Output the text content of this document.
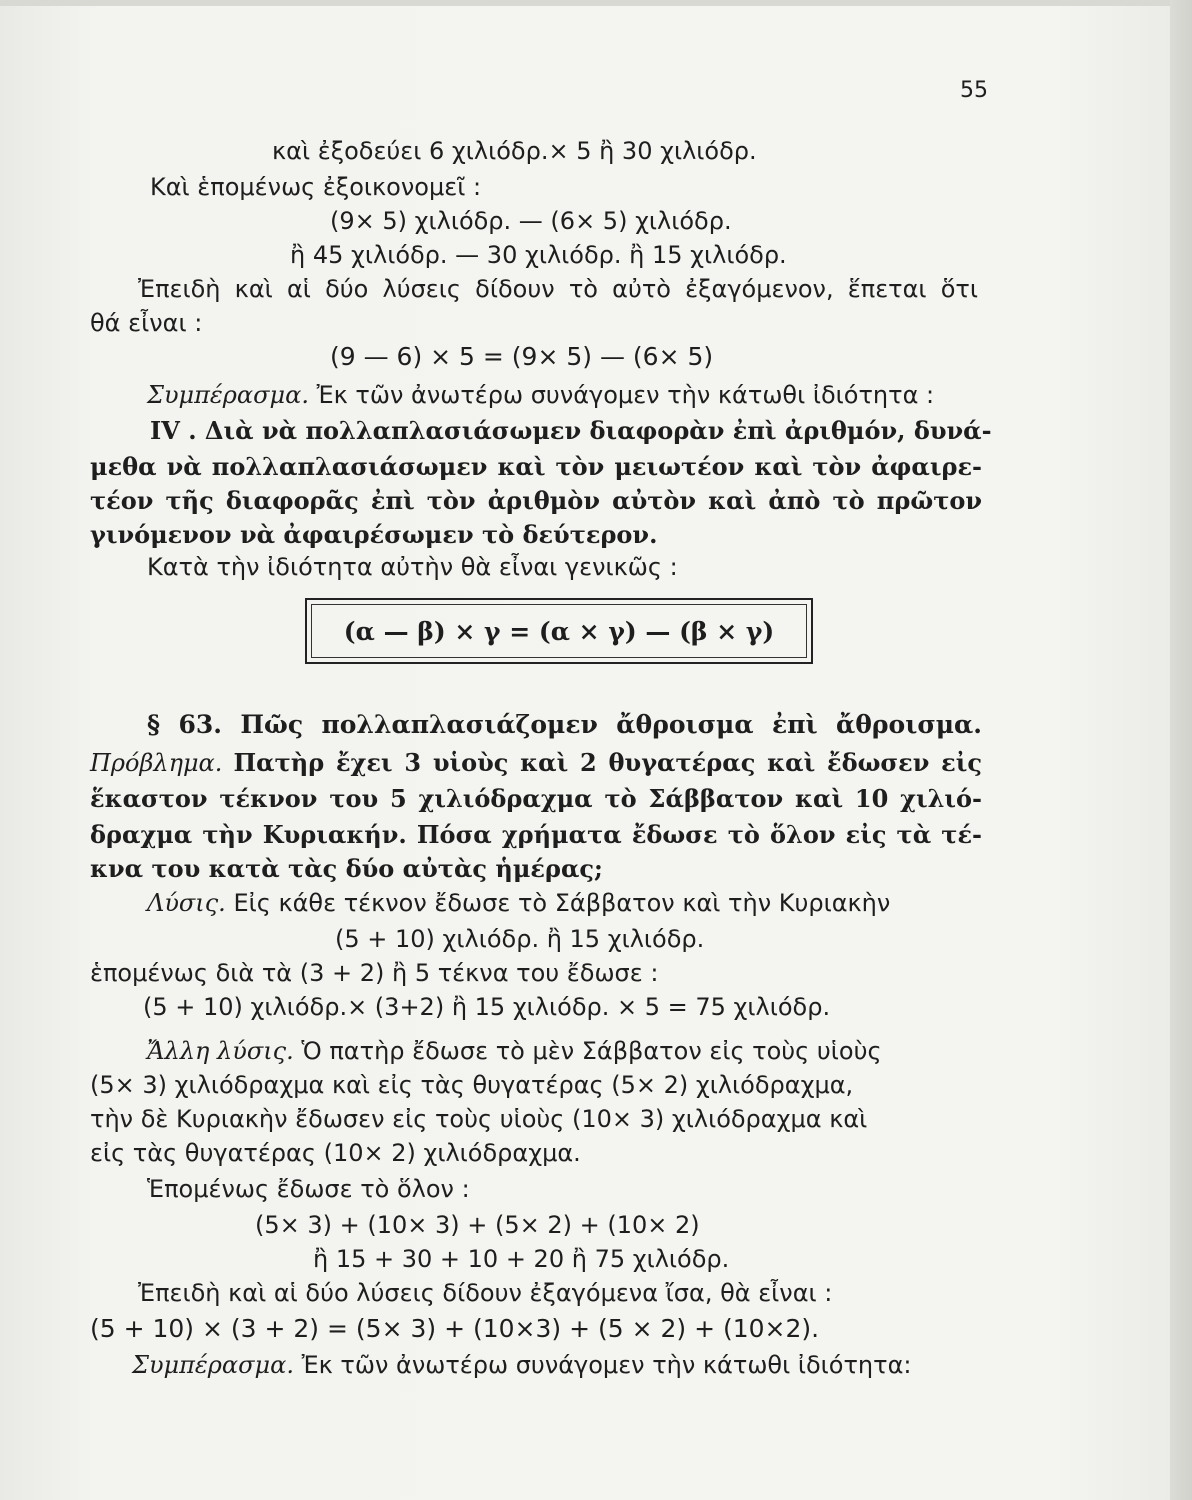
55
καὶ ἐξοδεύει 6 χιλιόδρ.× 5 ἢ 30 χιλιόδρ.
Καὶ ἑπομένως ἐξοικονομεῖ :
(9× 5) χιλιόδρ. — (6× 5) χιλιόδρ.
ἢ 45 χιλιόδρ. — 30 χιλιόδρ. ἢ 15 χιλιόδρ.
Ἐπειδὴ καὶ αἱ δύο λύσεις δίδουν τὸ αὐτὸ ἐξαγόμενον, ἕπεται ὅτι
θά εἶναι :
(9 — 6) × 5 = (9× 5) — (6× 5)
Συμπέρασμα. Ἐκ τῶν ἀνωτέρω συνάγομεν τὴν κάτωθι ἰδιότητα :
IV . Διὰ νὰ πολλαπλασιάσωμεν διαφορὰν ἐπὶ ἀριθμόν, δυνά-
μεθα νὰ πολλαπλασιάσωμεν καὶ τὸν μειωτέον καὶ τὸν ἀφαιρε-
τέον τῆς διαφορᾶς ἐπὶ τὸν ἀριθμὸν αὐτὸν καὶ ἀπὸ τὸ πρῶτον
γινόμενον νὰ ἀφαιρέσωμεν τὸ δεύτερον.
Κατὰ τὴν ἰδιότητα αὐτὴν θὰ εἶναι γενικῶς :
(α — β) × γ = (α × γ) — (β × γ)
§ 63. Πῶς πολλαπλασιάζομεν ἄθροισμα ἐπὶ ἄθροισμα.
Πρόβλημα. Πατὴρ ἔχει 3 υἱοὺς καὶ 2 θυγατέρας καὶ ἔδωσεν εἰς
ἕκαστον τέκνον του 5 χιλιόδραχμα τὸ Σάββατον καὶ 10 χιλιό-
δραχμα τὴν Κυριακήν. Πόσα χρήματα ἔδωσε τὸ ὅλον εἰς τὰ τέ-
κνα του κατὰ τὰς δύο αὐτὰς ἡμέρας;
Λύσις. Εἰς κάθε τέκνον ἔδωσε τὸ Σάββατον καὶ τὴν Κυριακὴν
(5 + 10) χιλιόδρ. ἢ 15 χιλιόδρ.
ἑπομένως διὰ τὰ (3 + 2) ἢ 5 τέκνα του ἔδωσε :
(5 + 10) χιλιόδρ.× (3+2) ἢ 15 χιλιόδρ. × 5 = 75 χιλιόδρ.
Ἄλλη λύσις. Ὁ πατὴρ ἔδωσε τὸ μὲν Σάββατον εἰς τοὺς υἱοὺς
(5× 3) χιλιόδραχμα καὶ εἰς τὰς θυγατέρας (5× 2) χιλιόδραχμα,
τὴν δὲ Κυριακὴν ἔδωσεν εἰς τοὺς υἱοὺς (10× 3) χιλιόδραχμα καὶ
εἰς τὰς θυγατέρας (10× 2) χιλιόδραχμα.
Ἑπομένως ἔδωσε τὸ ὅλον :
(5× 3) + (10× 3) + (5× 2) + (10× 2)
ἢ 15 + 30 + 10 + 20 ἢ 75 χιλιόδρ.
Ἐπειδὴ καὶ αἱ δύο λύσεις δίδουν ἐξαγόμενα ἴσα, θὰ εἶναι :
(5 + 10) × (3 + 2) = (5× 3) + (10×3) + (5 × 2) + (10×2).
Συμπέρασμα. Ἐκ τῶν ἀνωτέρω συνάγομεν τὴν κάτωθι ἰδιότητα:
